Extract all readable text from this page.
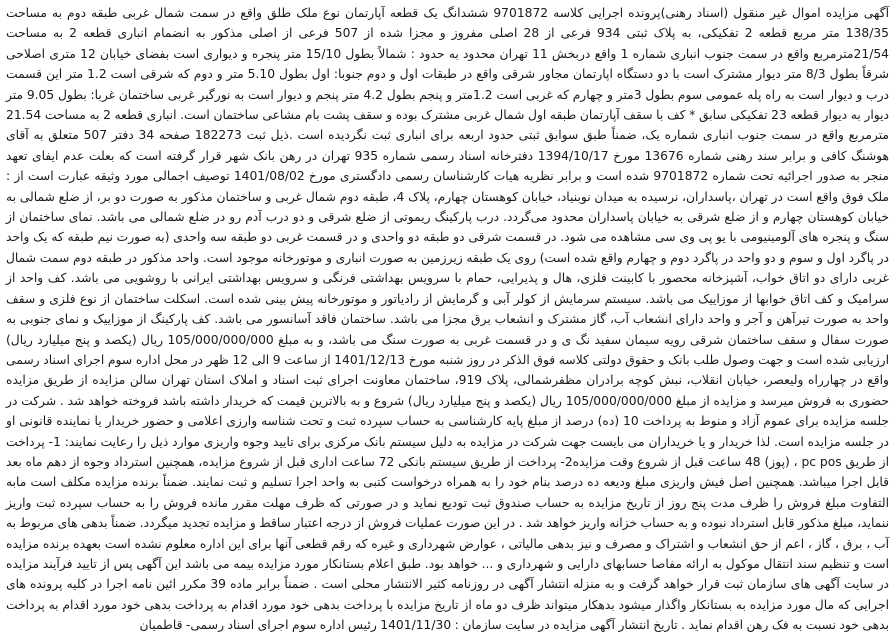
آگهی مزایده اموال غیر منقول (اسناد رهنی)پرونده اجرایی کلاسه 9701872 ششدانگ یک قطعه آپارتمان نوع ملک طلق واقع در سمت شمال غربی طبقه دوم به مساحت 138/35 متر مربع قطعه 2 تفکیکی، به پلاک ثبتی 934 فرعی از 28 اصلی مفروز و مجزا شده از 507 فرعی از اصلی مذکور به انضمام انباری قطعه 2 به مساحت 21/54مترمربع واقع در سمت جنوب انباری شماره 1 واقع دربخش 11 تهران محدود به حدود : شمالاً بطول 15/10 متر پنجره و دیواری است بفضای خیابان 12 متری اصلاحی شرقاً بطول 8/3 متر دیوار مشترک است با دو دستگاه اپارتمان مجاور شرقی واقع در طبقات اول و دوم جنوبا: اول بطول 5.10 متر و دوم که شرقی است 1.2 متر این قسمت درب و دیوار است به راه پله عمومی سوم بطول 3متر و چهارم که غربی است 1.2متر و پنجم بطول 4.2 متر پنجم و دیوار است به نورگیر غربی ساختمان غربا: بطول 9.05 متر دیوار به دیوار قطعه 23 تفکیکی سابق * کف با سقف آپارتمان طبقه اول شمال غربی مشترک بوده و سقف پشت بام مشاعی ساختمان است. انباری قطعه 2 به مساحت 21.54 مترمربع واقع در سمت جنوب انباری شماره یک، ضمناً طبق سوابق ثبتی حدود اربعه برای انباری ثبت نگردیده است .ذیل ثبت 182273 صفحه 34 دفتر 507 متعلق به آقای هوشنگ کافی و برابر سند رهنی شماره 13676 مورخ 1394/10/17 دفترخانه اسناد رسمی شماره 935 تهران در رهن بانک شهر قرار گرفته است که بعلت عدم ایفای تعهد منجر به صدور اجرائیه تحت شماره 9701872 شده است و برابر نظریه هیات کارشناسان رسمی دادگستری مورخ 1401/08/02 توصیف اجمالی مورد وثیقه عبارت است از : ملک فوق واقع است در تهران ،پاسداران، نرسیده به میدان نوبنیاد، خیابان کوهستان چهارم، پلاک 4، طبقه دوم شمال غربی و ساختمان مذکور به صورت دو بر، از ضلع شمالی به خیابان کوهستان چهارم و از ضلع شرقی به خیابان پاسداران محدود می‌گردد. درب پارکینگ ریموتی از ضلع شرقی و دو درب آدم رو در ضلع شمالی می باشد. نمای ساختمان از سنگ و پنجره های آلومینیومی با یو پی وی سی مشاهده می شود. در قسمت شرقی دو طبقه دو واحدی و در قسمت غربی دو طبقه سه واحدی (به صورت نیم طبقه که یک واحد در پاگرد اول و سوم و دو واحد در پاگرد دوم و چهارم واقع شده است) روی یک طبقه زیرزمین به صورت انباری و موتورخانه موجود است. واحد مذکور در طبقه دوم سمت شمال غربی دارای دو اتاق خواب، آشپزخانه محصور با کابینت فلزی، هال و پذیرایی، حمام با سرویس بهداشتی فرنگی و سرویس بهداشتی ایرانی با روشویی می باشد. کف واحد از سرامیک و کف اتاق خوابها از موزاییک می باشد. سیستم سرمایش از کولر آبی و گرمایش از رادیاتور و موتورخانه پیش بینی شده است. اسکلت ساختمان از نوع فلزی و سقف واحد به صورت تیرآهن و آجر و واحد دارای انشعاب آب، گاز مشترک و انشعاب برق مجزا می باشد. ساختمان فاقد آسانسور می باشد. کف پارکینگ از موزاییک و نمای جنوبی به صورت سفال و سقف ساختمان شرقی رویه سیمان سفید نگ ی و در قسمت غربی به صورت سنگ می باشد، و به مبلغ 105/000/000/000 ریال (یکصد و پنج میلیارد ریال) ارزیابی شده است و جهت وصول طلب بانک و حقوق دولتی کلاسه فوق الذکر در روز شنبه مورخ 1401/12/13 از ساعت 9 الی 12 ظهر در محل اداره سوم اجرای اسناد رسمی واقع در چهارراه ولیعصر، خیابان انقلاب، نبش کوچه برادران مظفرشمالی، پلاک 919، ساختمان معاونت اجرای ثبت اسناد و املاک استان تهران سالن مزایده از طریق مزایده حضوری به فروش میرسد و مزایده از مبلغ 105/000/000/000 ریال (یکصد و پنج میلیارد ریال) شروع و به بالاترین قیمت که خریدار داشته باشد فروخته خواهد شد . شرکت در جلسه مزایده برای عموم آزاد و منوط به پرداخت 10 (ده) درصد از مبلغ پایه کارشناسی به حساب سپرده ثبت و تحت شناسه وارزی اعلامی و حضور خریدار یا نماینده قانونی او در جلسه مزایده است. لذا خریدار و یا خریداران می بایست جهت شرکت در مزایده به دلیل سیستم بانک مرکزی برای تایید وجوه واریزی موارد ذیل را رعایت نمایند: 1- پرداخت از طریق pc pos ، (پوز) 48 ساعت قبل از شروع وقت مزایده2- پرداخت از طریق سیستم بانکی 72 ساعت اداری قبل از شروع مزایده، همچنین استرداد وجوه از دهم ماه بعد قابل اجرا میباشد. همچنین اصل فیش واریزی مبلغ ودیعه ده درصد بنام خود را به همراه درخواست کتبی به واحد اجرا تسلیم و ثبت نمایند. ضمناً برنده مزایده مکلف است مابه التفاوت مبلغ فروش را ظرف مدت پنج روز از تاریخ مزایده به حساب صندوق ثبت تودیع نماید و در صورتی که ظرف مهلت مقرر مانده فروش را به حساب سپرده ثبت واریز ننماید، مبلغ مذکور قابل استرداد نبوده و به حساب خزانه واریز خواهد شد . در این صورت عملیات فروش از درجه اعتبار ساقط و مزایده تجدید میگردد. ضمناً بدهی های مربوط به آب ، برق ، گاز ، اعم از حق انشعاب و اشتراک و مصرف و نیز بدهی مالیاتی ، عوارض شهرداری و غیره که رقم قطعی آنها برای این اداره معلوم نشده است بعهده برنده مزایده است و تنظیم سند انتقال موکول به ارائه مفاصا حسابهای دارایی و شهرداری و ... خواهد بود. طبق اعلام بستانکار مورد مزایده بیمه می باشد این آگهی پس از تایید فرآیند مزایده در سایت آگهی های سازمان ثبت قرار خواهد گرفت و به منزله انتشار آگهی در روزنامه کثیر الانتشار محلی است . ضمناً برابر ماده 39 مکرر ائین نامه اجرا در کلیه پرونده های اجرایی که مال مورد مزایده به بستانکار واگذار میشود بدهکار میتواند ظرف دو ماه از تاریخ مزایده با پرداخت بدهی خود مورد اقدام به پرداخت بدهی خود مورد اقدام به پرداخت بدهی خود نسبت به فک رهن اقدام نماید . تاریخ انتشار آگهی مزایده در سایت سازمان : 1401/11/30 رئیس اداره سوم اجرای اسناد رسمی- قاطمیان
